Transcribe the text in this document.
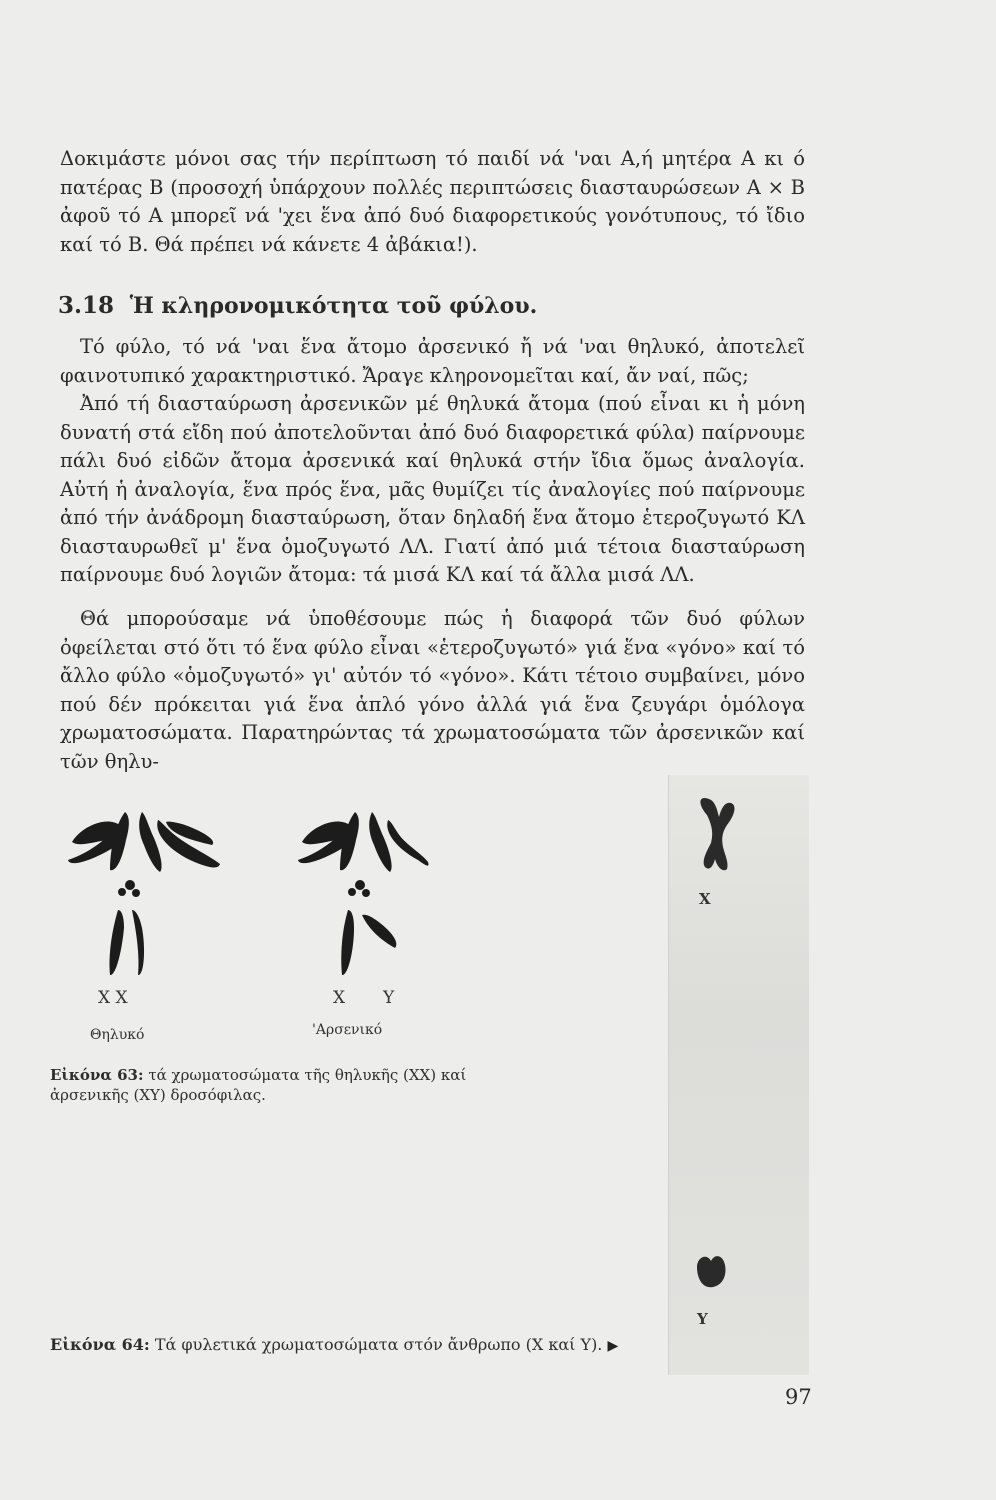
Δοκιμάστε μόνοι σας τήν περίπτωση τό παιδί νά 'ναι Α,ή μητέρα Α κι ό πατέρας Β (προσοχή ὑπάρχουν πολλές περιπτώσεις διασταυρώσεων Α × Β ἀφοῦ τό Α μπορεῖ νά 'χει ἕνα ἀπό δυό διαφορετικούς γονότυπους, τό ἴδιο καί τό Β. Θά πρέπει νά κάνετε 4 ἀβάκια!).

3.18 Ἡ κληρονομικότητα τοῦ φύλου.

Τό φύλο, τό νά 'ναι ἕνα ἄτομο ἀρσενικό ἤ νά 'ναι θηλυκό, ἀποτελεῖ φαινοτυπικό χαρακτηριστικό. Ἄραγε κληρονομεῖται καί, ἄν ναί, πῶς;

Ἀπό τή διασταύρωση ἀρσενικῶν μέ θηλυκά ἄτομα (πού εἶναι κι ἡ μόνη δυνατή στά εἴδη πού ἀποτελοῦνται ἀπό δυό διαφορετικά φύλα) παίρνουμε πάλι δυό εἰδῶν ἄτομα ἀρσενικά καί θηλυκά στήν ἴδια ὅμως ἀναλογία. Αὐτή ἡ ἀναλογία, ἕνα πρός ἕνα, μᾶς θυμίζει τίς ἀναλογίες πού παίρνουμε ἀπό τήν ἀνάδρομη διασταύρωση, ὅταν δηλαδή ἕνα ἄτομο ἑτεροζυγωτό ΚΛ διασταυρωθεῖ μ' ἕνα ὁμοζυγωτό ΛΛ. Γιατί ἀπό μιά τέτοια διασταύρωση παίρνουμε δυό λογιῶν ἄτομα: τά μισά ΚΛ καί τά ἄλλα μισά ΛΛ.

Θά μπορούσαμε νά ὑποθέσουμε πώς ἡ διαφορά τῶν δυό φύλων ὀφείλεται στό ὅτι τό ἕνα φύλο εἶναι «ἑτεροζυγωτό» γιά ἕνα «γόνο» καί τό ἄλλο φύλο «ὁμοζυγωτό» γι' αὐτόν τό «γόνο». Κάτι τέτοιο συμβαίνει, μόνο πού δέν πρόκειται γιά ἕνα ἁπλό γόνο ἀλλά γιά ἕνα ζευγάρι ὁμόλογα χρωματοσώματα. Παρατηρώντας τά χρωματοσώματα τῶν ἀρσενικῶν καί τῶν θηλυ-

X X	X Y
Θηλυκό	'Αρσενικό
Εἰκόνα 63: τά χρωματοσώματα τῆς θηλυκῆς (ΧΧ) καί ἀρσενικῆς (ΧΥ) δροσόφιλας.
X
Y
Εἰκόνα 64: Τά φυλετικά χρωματοσώματα στόν ἄνθρωπο (Χ καί Υ). ▶
97
